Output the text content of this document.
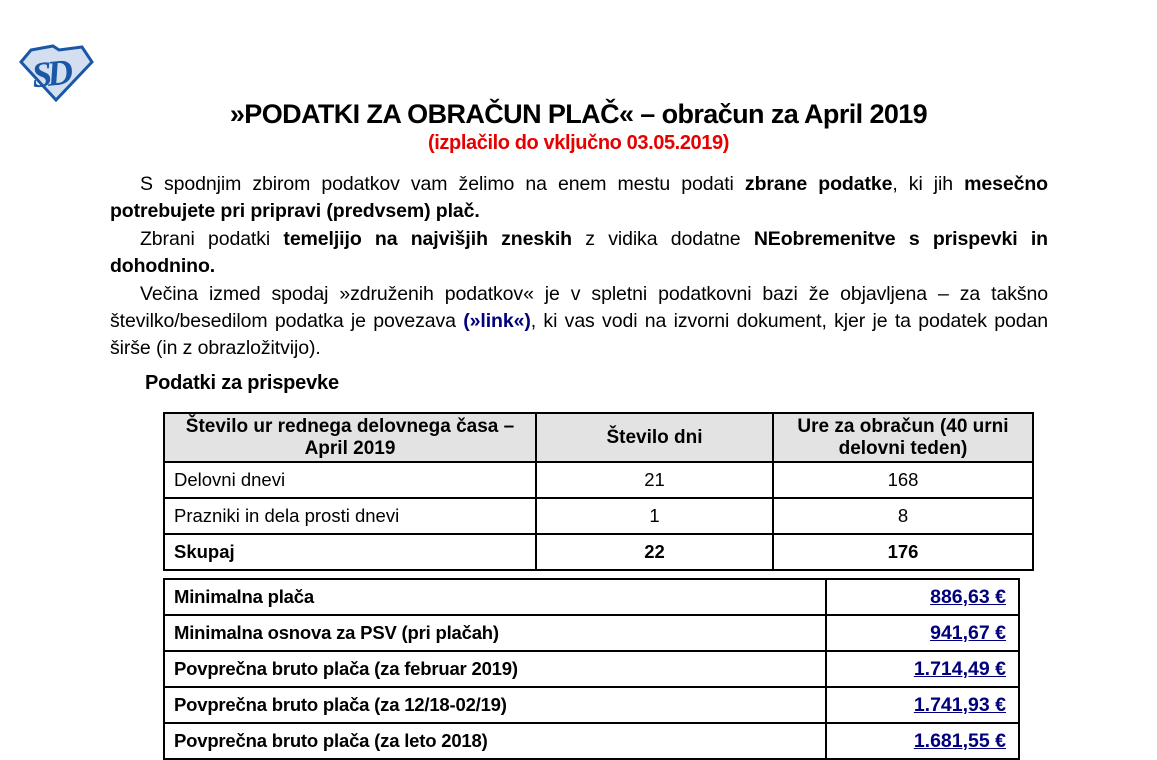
SD
»PODATKI ZA OBRAČUN PLAČ« – obračun za April 2019
(izplačilo do vključno 03.05.2019)

S spodnjim zbirom podatkov vam želimo na enem mestu podati zbrane podatke, ki jih mesečno potrebujete pri pripravi (predvsem) plač.

Zbrani podatki temeljijo na najvišjih zneskih z vidika dodatne NEobremenitve s prispevki in dohodnino.

Večina izmed spodaj »združenih podatkov« je v spletni podatkovni bazi že objavljena – za takšno številko/besedilom podatka je povezava (»link«), ki vas vodi na izvorni dokument, kjer je ta podatek podan širše (in z obrazložitvijo).

Podatki za prispevke
Število ur rednega delovnega časa – April 2019	Število dni	Ure za obračun (40 urni delovni teden)
Delovni dnevi	21	168
Prazniki in dela prosti dnevi	1	8
Skupaj	22	176
Minimalna plača	886,63 €
Minimalna osnova za PSV (pri plačah)	941,67 €
Povprečna bruto plača (za februar 2019)	1.714,49 €
Povprečna bruto plača (za 12/18-02/19)	1.741,93 €
Povprečna bruto plača (za leto 2018)	1.681,55 €
